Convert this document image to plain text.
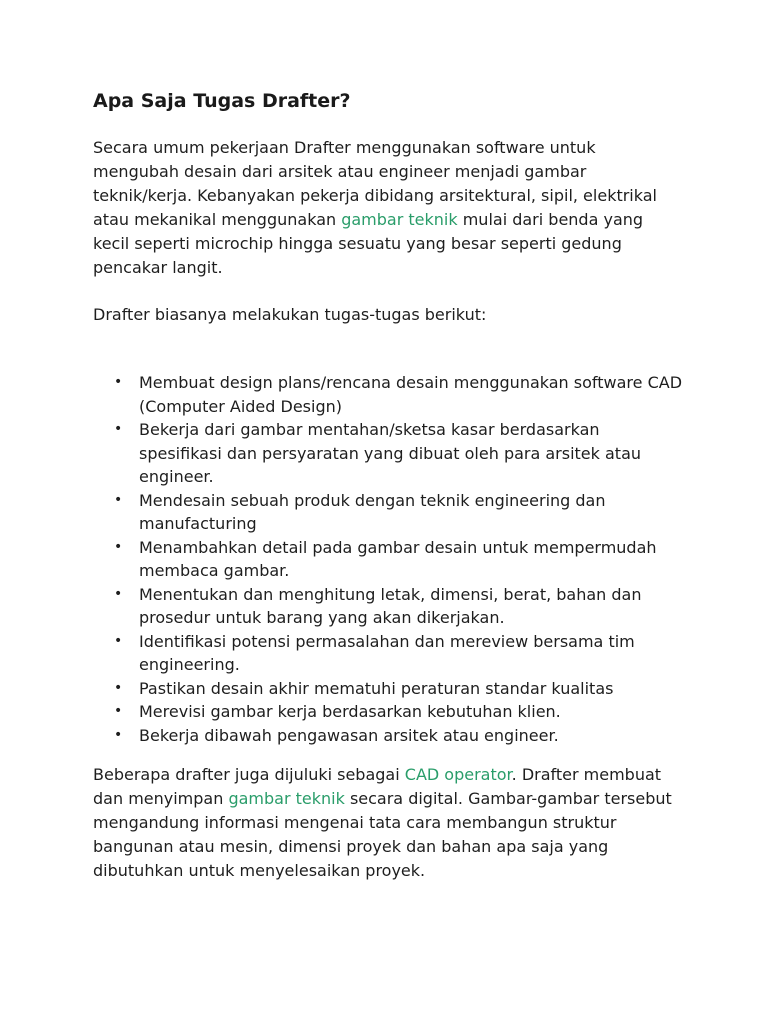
Apa Saja Tugas Drafter?

Secara umum pekerjaan Drafter menggunakan software untuk mengubah desain dari arsitek atau engineer menjadi gambar teknik/kerja. Kebanyakan pekerja dibidang arsitektural, sipil, elektrikal atau mekanikal menggunakan gambar teknik mulai dari benda yang kecil seperti microchip hingga sesuatu yang besar seperti gedung pencakar langit.

Drafter biasanya melakukan tugas-tugas berikut:

• Membuat design plans/rencana desain menggunakan software CAD (Computer Aided Design)
• Bekerja dari gambar mentahan/sketsa kasar berdasarkan spesifikasi dan persyaratan yang dibuat oleh para arsitek atau engineer.
• Mendesain sebuah produk dengan teknik engineering dan manufacturing
• Menambahkan detail pada gambar desain untuk mempermudah membaca gambar.
• Menentukan dan menghitung letak, dimensi, berat, bahan dan prosedur untuk barang yang akan dikerjakan.
• Identifikasi potensi permasalahan dan mereview bersama tim engineering.
• Pastikan desain akhir mematuhi peraturan standar kualitas
• Merevisi gambar kerja berdasarkan kebutuhan klien.
• Bekerja dibawah pengawasan arsitek atau engineer.

Beberapa drafter juga dijuluki sebagai CAD operator. Drafter membuat dan menyimpan gambar teknik secara digital. Gambar-gambar tersebut mengandung informasi mengenai tata cara membangun struktur bangunan atau mesin, dimensi proyek dan bahan apa saja yang dibutuhkan untuk menyelesaikan proyek.
